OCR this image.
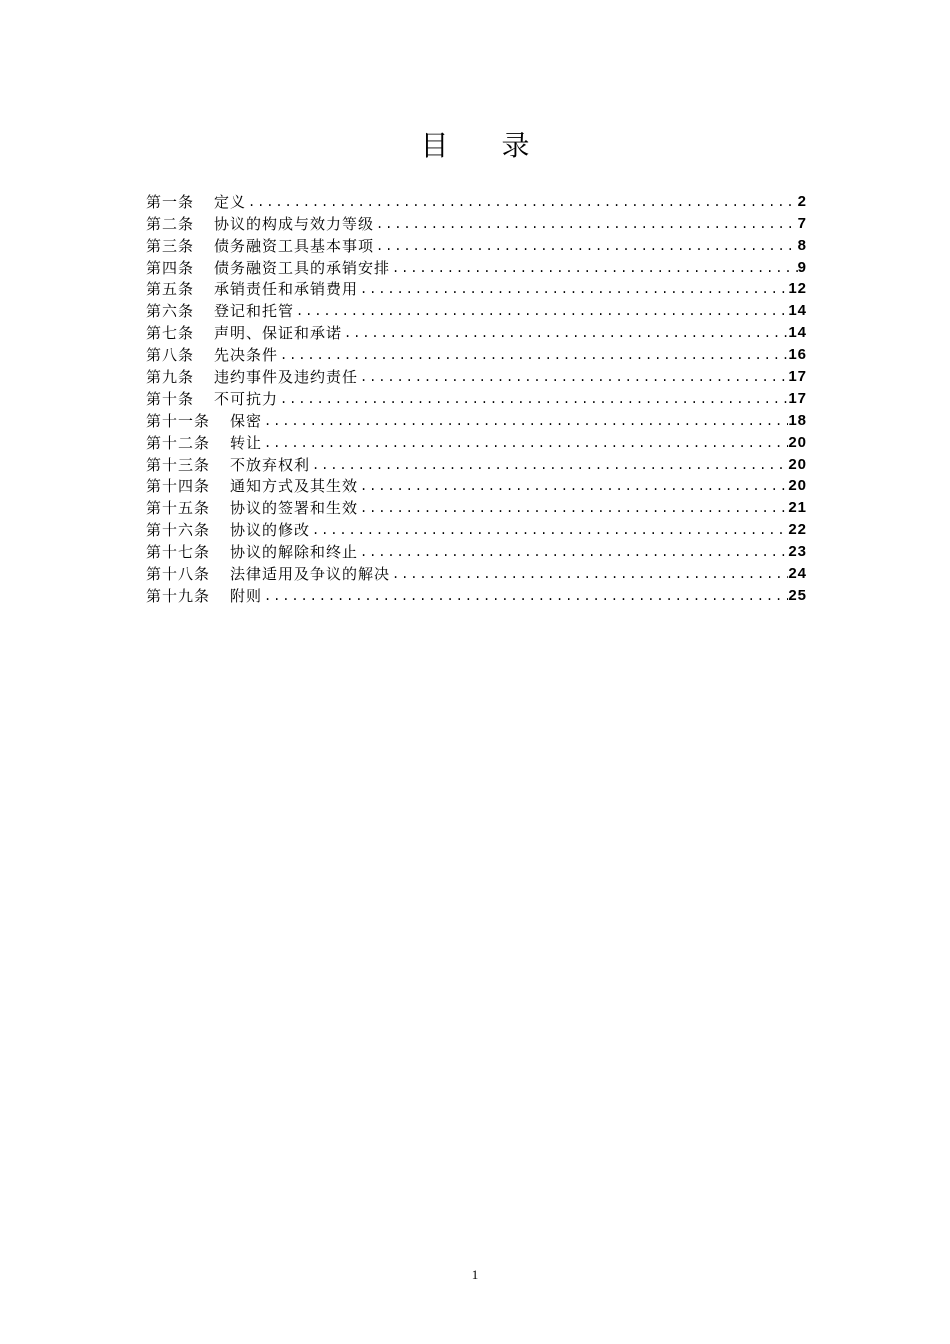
目 录
第一条	定义 .....	2
第二条	协议的构成与效力等级 .....	7
第三条	债务融资工具基本事项 .....	8
第四条	债务融资工具的承销安排 .....	9
第五条	承销责任和承销费用 .....	12
第六条	登记和托管 .....	14
第七条	声明、保证和承诺 .....	14
第八条	先决条件 .....	16
第九条	违约事件及违约责任 .....	17
第十条	不可抗力 .....	17
第十一条	保密 .....	18
第十二条	转让 .....	20
第十三条	不放弃权利 .....	20
第十四条	通知方式及其生效 .....	20
第十五条	协议的签署和生效 .....	21
第十六条	协议的修改 .....	22
第十七条	协议的解除和终止 .....	23
第十八条	法律适用及争议的解决 .....	24
第十九条	附则 .....	25
1
